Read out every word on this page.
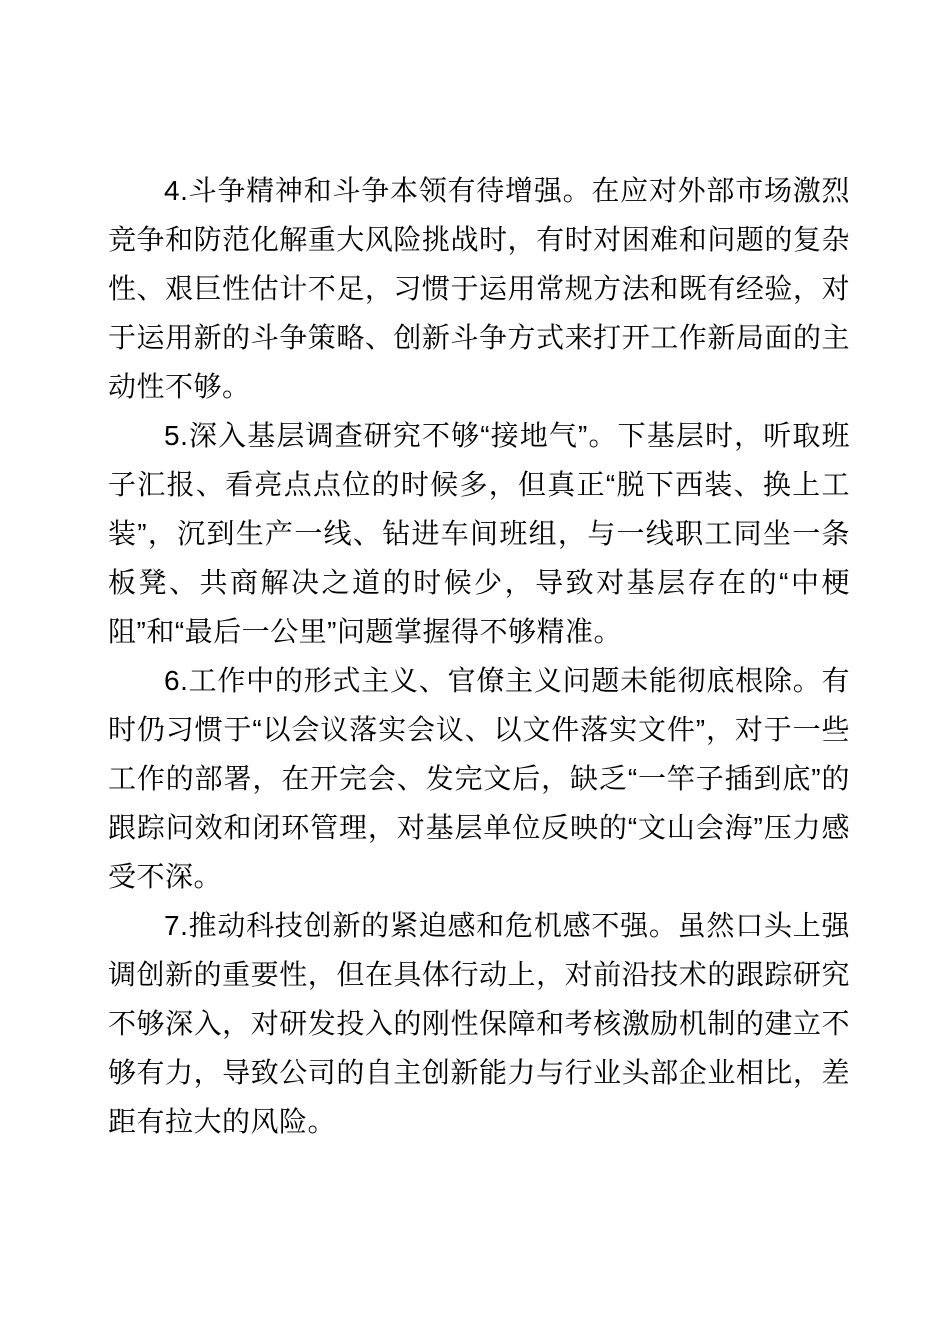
4.斗争精神和斗争本领有待增强。在应对外部市场激烈竞争和防范化解重大风险挑战时，有时对困难和问题的复杂性、艰巨性估计不足，习惯于运用常规方法和既有经验，对于运用新的斗争策略、创新斗争方式来打开工作新局面的主动性不够。

5.深入基层调查研究不够“接地气”。下基层时，听取班子汇报、看亮点点位的时候多，但真正“脱下西装、换上工装”，沉到生产一线、钻进车间班组，与一线职工同坐一条板凳、共商解决之道的时候少，导致对基层存在的“中梗阻”和“最后一公里”问题掌握得不够精准。

6.工作中的形式主义、官僚主义问题未能彻底根除。有时仍习惯于“以会议落实会议、以文件落实文件”，对于一些工作的部署，在开完会、发完文后，缺乏“一竿子插到底”的跟踪问效和闭环管理，对基层单位反映的“文山会海”压力感受不深。

7.推动科技创新的紧迫感和危机感不强。虽然口头上强调创新的重要性，但在具体行动上，对前沿技术的跟踪研究不够深入，对研发投入的刚性保障和考核激励机制的建立不够有力，导致公司的自主创新能力与行业头部企业相比，差距有拉大的风险。
